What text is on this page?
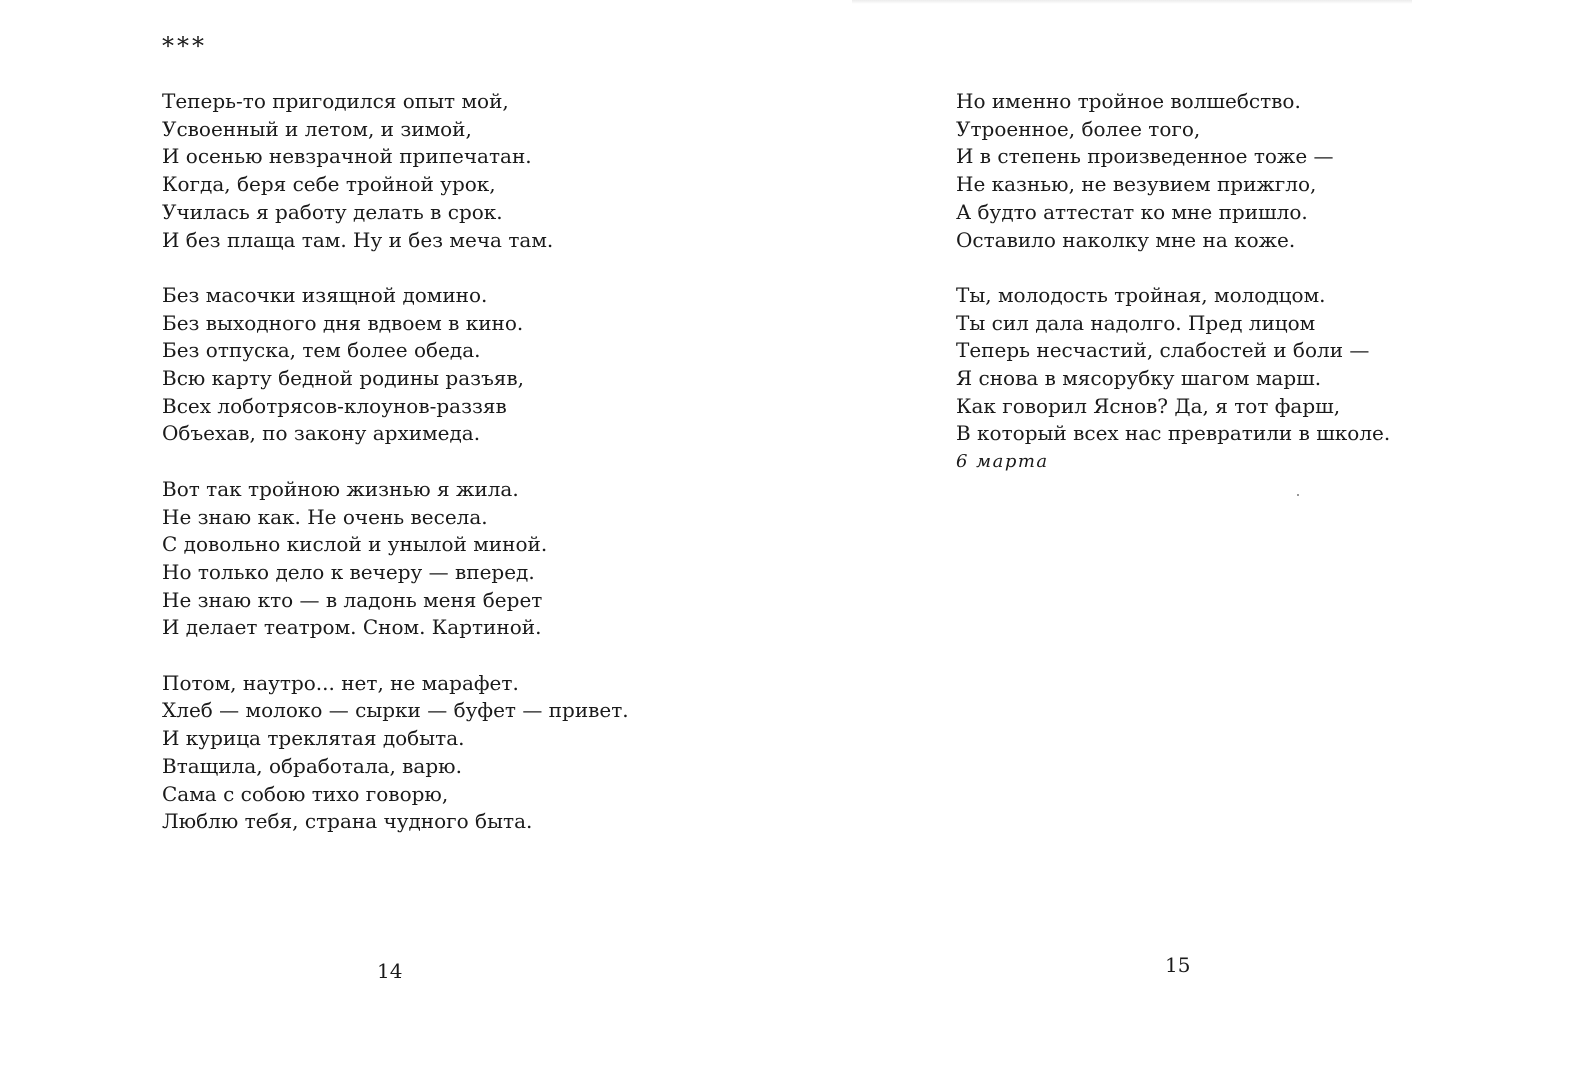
***

Теперь-то пригодился опыт мой,
Усвоенный и летом, и зимой,
И осенью невзрачной припечатан.
Когда, беря себе тройной урок,
Училась я работу делать в срок.
И без плаща там. Ну и без меча там.
Без масочки изящной домино.
Без выходного дня вдвоем в кино.
Без отпуска, тем более обеда.
Всю карту бедной родины разъяв,
Всех лоботрясов-клоунов-раззяв
Объехав, по закону архимеда.
Вот так тройною жизнью я жила.
Не знаю как. Не очень весела.
С довольно кислой и унылой миной.
Но только дело к вечеру — вперед.
Не знаю кто — в ладонь меня берет
И делает театром. Сном. Картиной.
Потом, наутро... нет, не марафет.
Хлеб — молоко — сырки — буфет — привет.
И курица треклятая добыта.
Втащила, обработала, варю.
Сама с собою тихо говорю,
Люблю тебя, страна чудного быта.

14

Но именно тройное волшебство.
Утроенное, более того,
И в степень произведенное тоже —
Не казнью, не везувием прижгло,
А будто аттестат ко мне пришло.
Оставило наколку мне на коже.
Ты, молодость тройная, молодцом.
Ты сил дала надолго. Пред лицом
Теперь несчастий, слабостей и боли —
Я снова в мясорубку шагом марш.
Как говорил Яснов? Да, я тот фарш,
В который всех нас превратили в школе.

6 марта

15
